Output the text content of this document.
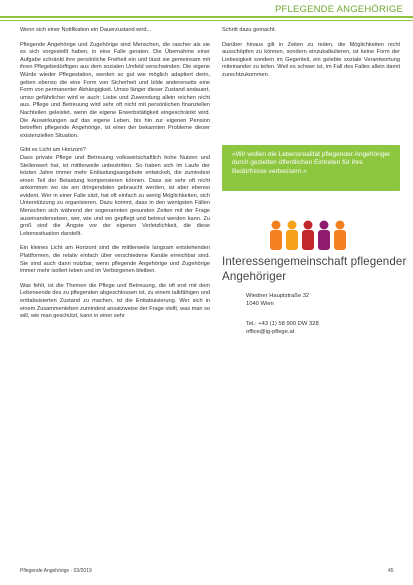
PFLEGENDE ANGEHÖRIGE

Wenn sich einer Notifikation ein Dauerzustand wird...

Pflegende Angehörige und Zugehörige sind Menschen, die rascher als sie es sich vorgestellt haben, in eine Falle geraten. Die Übernahme einer Aufgabe schränkt ihre persönliche Freiheit ein und lässt sie gemeinsam mit ihren Pflegebedürftigen aus dem sozialen Umfeld verschwinden. Die eigene Würde wieder Pflegestation, werden so gut wie möglich adaptiert derin, geben ebenso die eine Form von Sicherheit und bilde andererseits eine Form von permanenter Abhängigkeit. Umso länger dieser Zustand andauert, umso gefährlicher wird er auch: Liebe und Zuwendung allein reichen nicht aus. Pflege und Betreuung wird sehr oft nicht mit persönlichen finanziellen Nachteilen geleistet, wenn die eigene Erwerbstätigkeit eingeschränkt wird. Die Auswirkungen auf das eigene Leben, bis hin zur eigenen Pension betreffen pflegende Angehörige, ist einer der bekannten Probleme dieser existenziellen Situation.

Gibt es Licht am Horizont?

Dass private Pflege und Betreuung volkswirtschaftlich hohe Nutzen und Stellenwert hat, ist mittlerweile unbestritten. So haben sich im Laufe der letzten Jahre immer mehr Entlastungsangebote entwickelt, die zumindest einen Teil der Belastung kompensieren können. Dass sie sehr oft nicht ankommen wo sie am dringendsten gebraucht werden, ist aber ebenso evident. Wer in einer Falle sitzt, hat oft einfach zu wenig Möglichkeiten, sich Unterstützung zu organisieren. Dazu kommt, dass in den wenigsten Fällen Menschen sich während der sogenannten gesunden Zeiten mit der Frage auseinandersetzen, wer, wie und wo gepflegt und betreut werden kann. Zu groß sind die Ängste vor der eigenen Verletzlichkeit, die diese Lebenssituation darstellt.

Ein kleines Licht am Horizont sind die mittlerweile langsam entstehenden Plattformen, die relativ einfach über verschiedene Kanäle erreichbar sind. Sie sind auch dann nutzbar, wenn pflegende Angehörige und Zugehörige immer mehr isoliert leben und im Verborgenen bleiben.

Was fehlt, ist die Themen die Pflege und Betreuung, die oft erst mit dem Lebensende des zu pflegenden abgeschlossen ist, zu einem talkfähigen und enttabuisierten Zustand zu machen, ist die Enttabuisierung. Wer sich in einem Zusammenleben zumindest ansatzweise der Frage stellt, was man so will, wie man geschützt, kann in einer sehr

Schritt dazu gemacht.

Darüber hinaus gilt in Zeiten zu reden, die Möglichkeiten nicht ausschöpfen zu können, sondern einzukalkulieren, ist keine Form der Liebesigkeit sondern im Gegenteil, ein gelebte soziale Verantwortung miteinander zu teilen. Weil es schwer ist, im Fall des Falles allein damit zurechtzukommen.

»Wir wollen die Lebensrealität pflegender Angehöriger durch gezielten öffentlichen Eintreten für ihre Bedürfnisse verbessern.«
Interessengemeinschaft pflegender Angehöriger
Wiedner Hauptstraße 32
1040 Wien
Tel.: +43 (1) 58 900 DW 328
office@ig-pflege.at
Pflegende Angehörige · 03/2019	45
